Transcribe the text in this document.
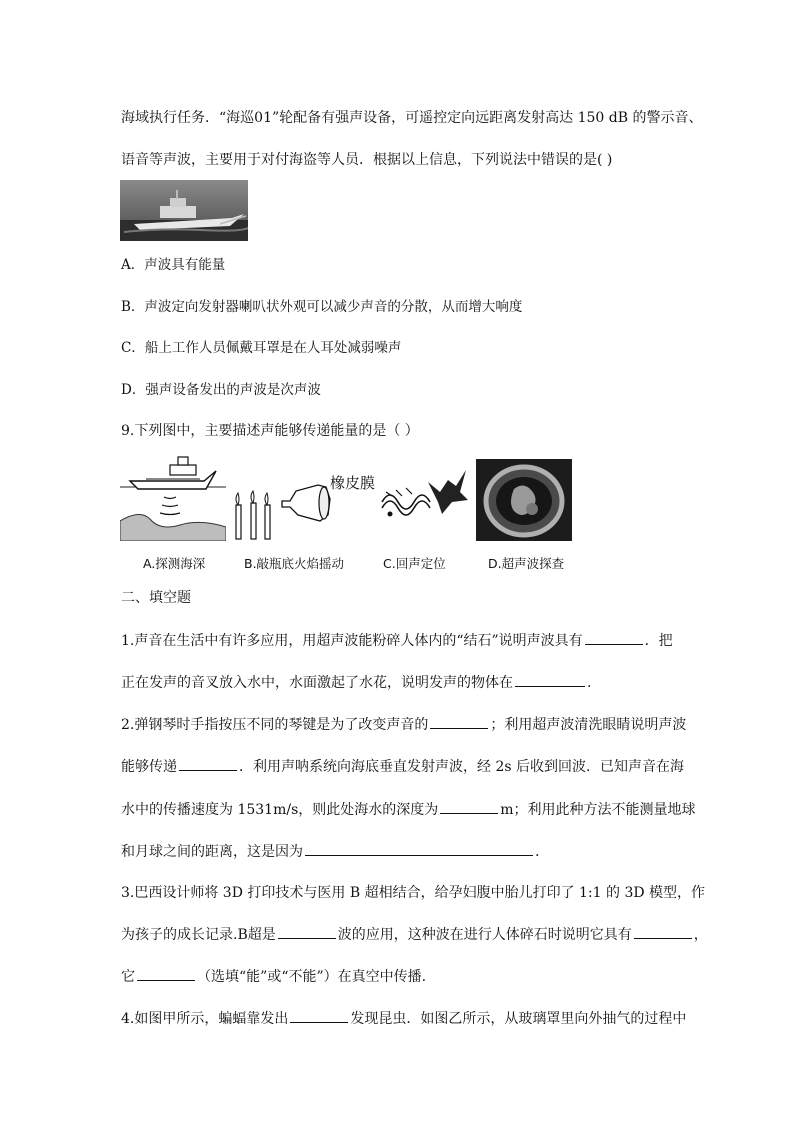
海域执行任务．“海巡01”轮配备有强声设备，可遥控定向远距离发射高达 150 dB 的警示音、
语音等声波，主要用于对付海盗等人员．根据以上信息，下列说法中错误的是( )
A．声波具有能量
B．声波定向发射器喇叭状外观可以减少声音的分散，从而增大响度
C．船上工作人员佩戴耳罩是在人耳处减弱噪声
D．强声设备发出的声波是次声波
9.下列图中，主要描述声能够传递能量的是（ ）
橡皮膜
A.探测海深	B.敲瓶底火焰摇动	C.回声定位	D.超声波探查
二、填空题
1.声音在生活中有许多应用，用超声波能粉碎人体内的“结石”说明声波具有	．把
正在发声的音叉放入水中，水面激起了水花，说明发声的物体在	.
2.弹钢琴时手指按压不同的琴键是为了改变声音的	；利用超声波清洗眼睛说明声波
能够传递	．利用声呐系统向海底垂直发射声波，经 2s 后收到回波．已知声音在海
水中的传播速度为 1531m/s，则此处海水的深度为	m；利用此种方法不能测量地球
和月球之间的距离，这是因为	.
3.巴西设计师将 3D 打印技术与医用 B 超相结合，给孕妇腹中胎儿打印了 1:1 的 3D 模型，作
为孩子的成长记录.B超是	波的应用，这种波在进行人体碎石时说明它具有	，
它	（选填“能”或“不能”）在真空中传播.
4.如图甲所示，蝙蝠靠发出	发现昆虫．如图乙所示，从玻璃罩里向外抽气的过程中
